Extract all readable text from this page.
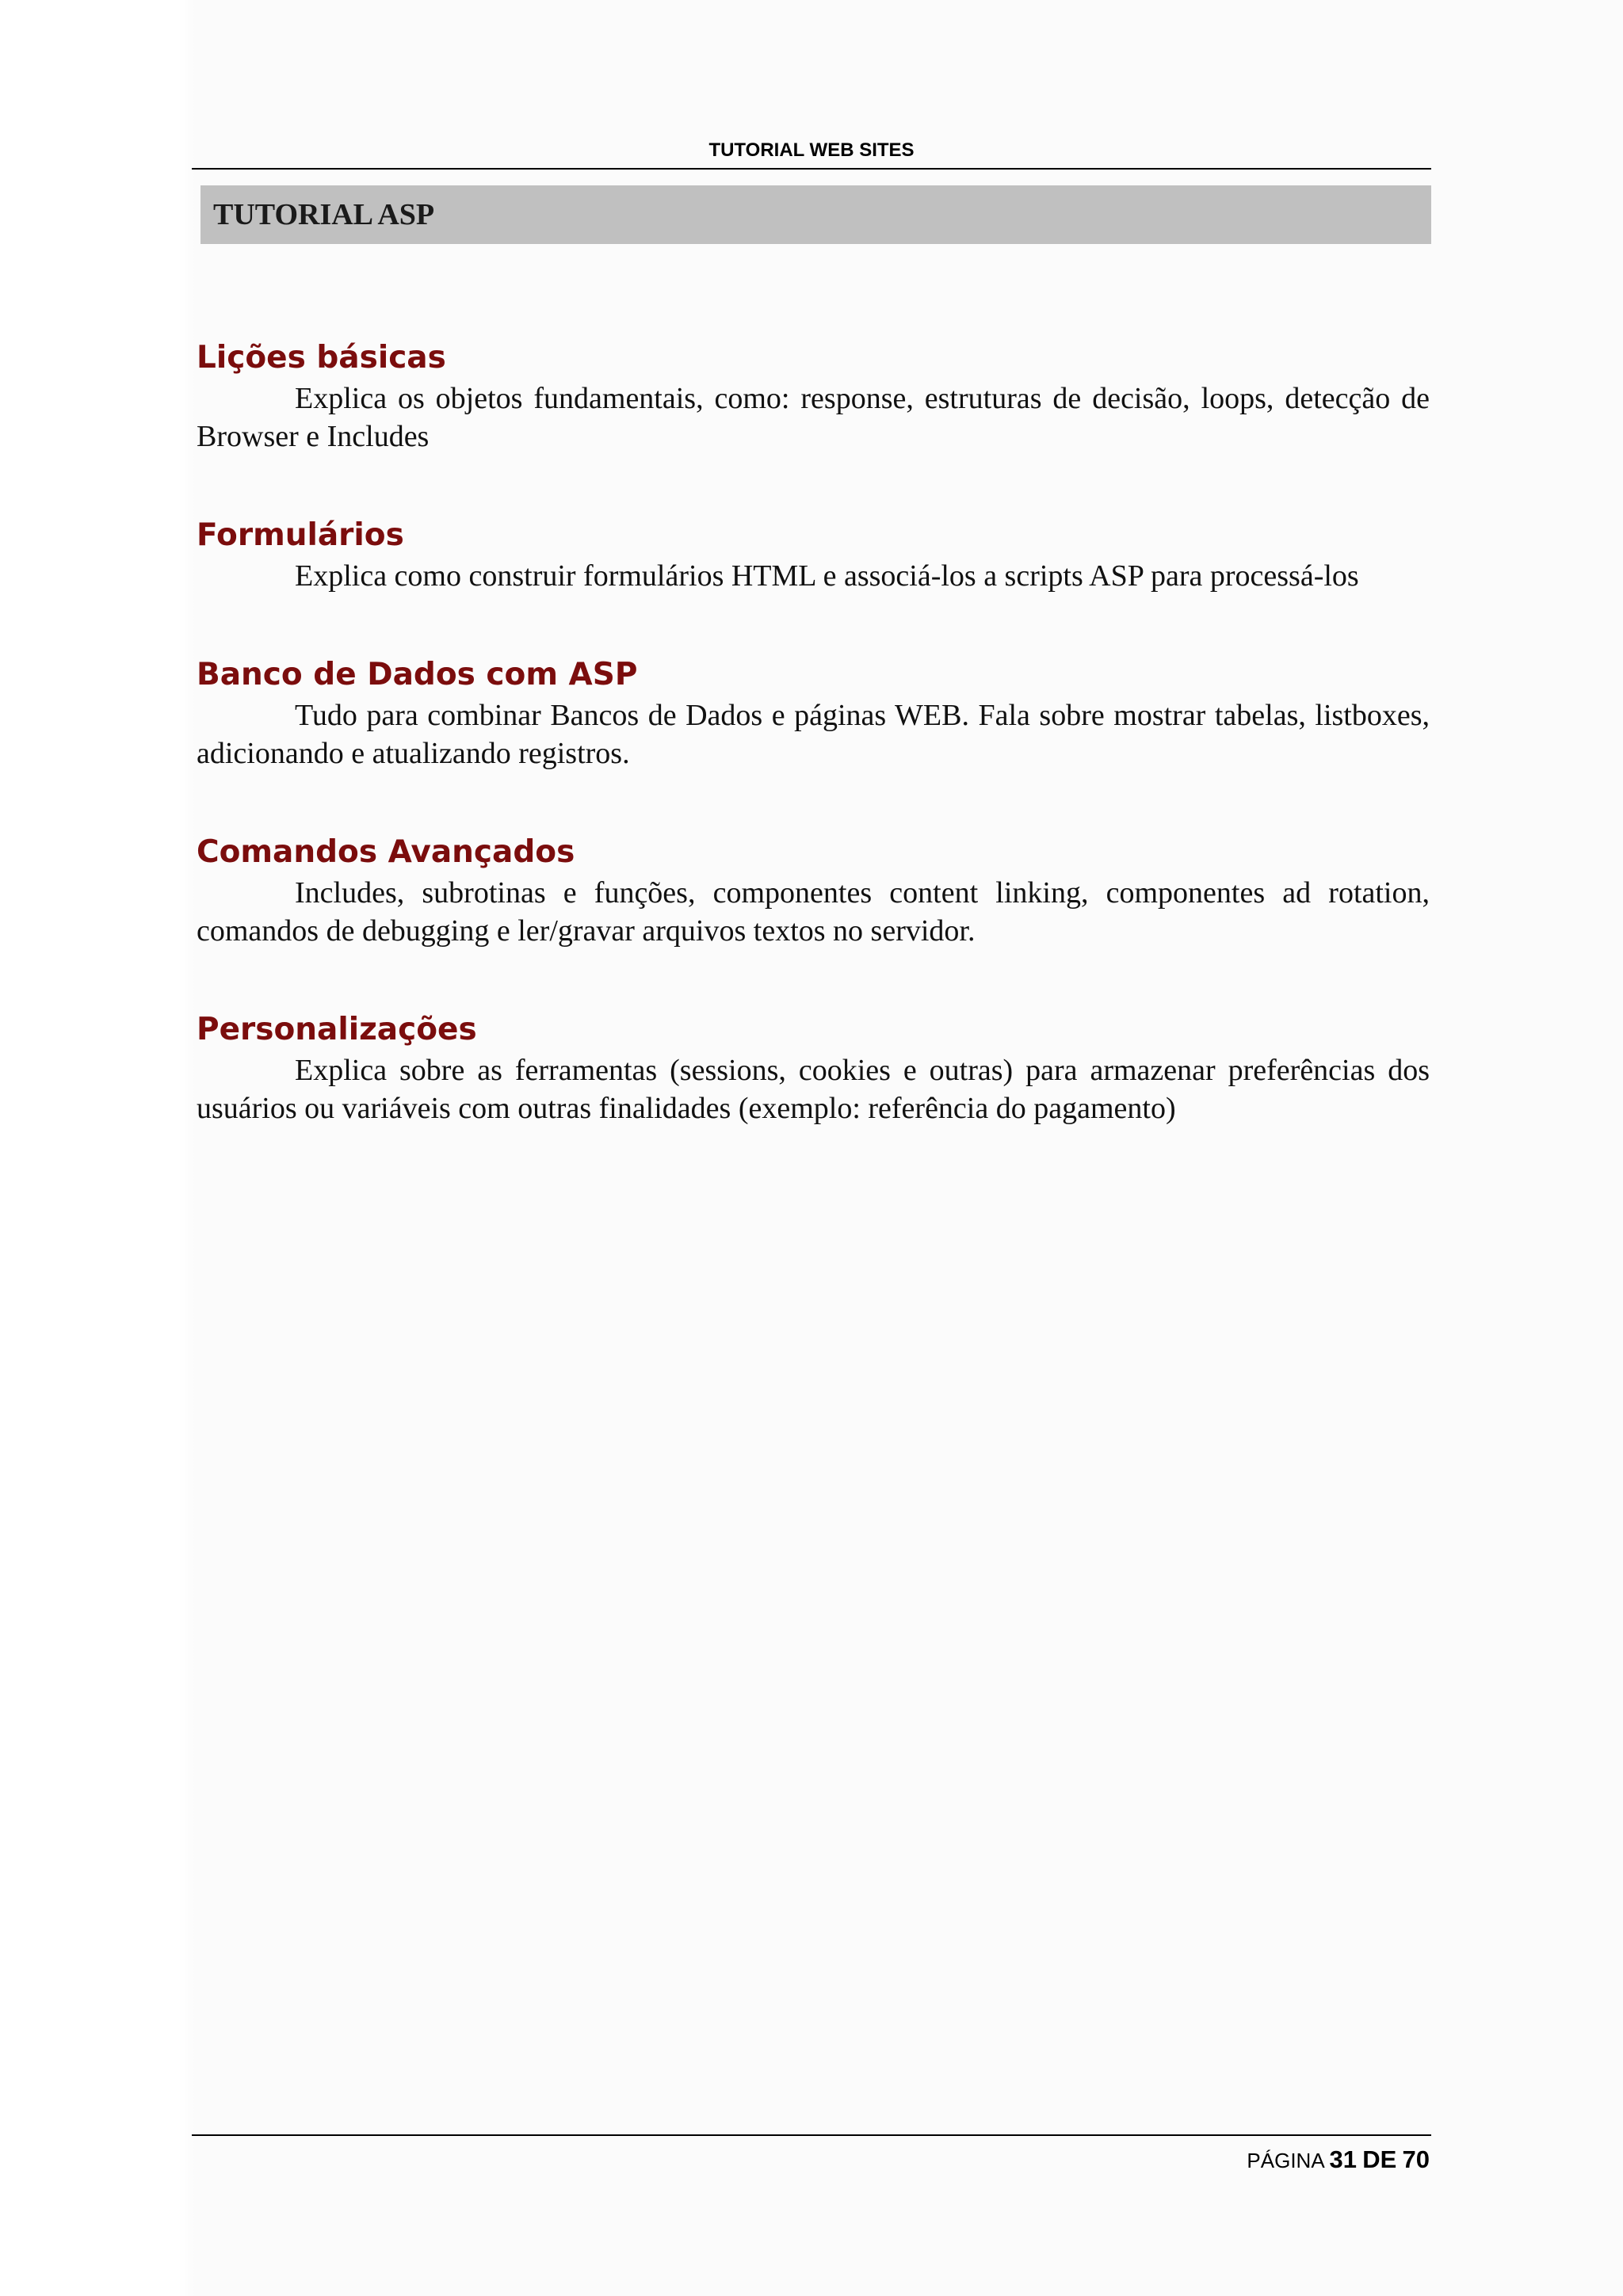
TUTORIAL WEB SITES
TUTORIAL ASP
Lições básicas

Explica os objetos fundamentais, como: response, estruturas de decisão, loops, detecção de Browser e Includes

Formulários

Explica como construir formulários HTML e associá-los a scripts ASP para processá-los

Banco de Dados com ASP

Tudo para combinar Bancos de Dados e páginas WEB. Fala sobre mostrar tabelas, listboxes, adicionando e atualizando registros.

Comandos Avançados

Includes, subrotinas e funções, componentes content linking, componentes ad rotation, comandos de debugging e ler/gravar arquivos textos no servidor.

Personalizações

Explica sobre as ferramentas (sessions, cookies e outras) para armazenar preferências dos usuários ou variáveis com outras finalidades (exemplo: referência do pagamento)

PÁGINA 31 DE 70
